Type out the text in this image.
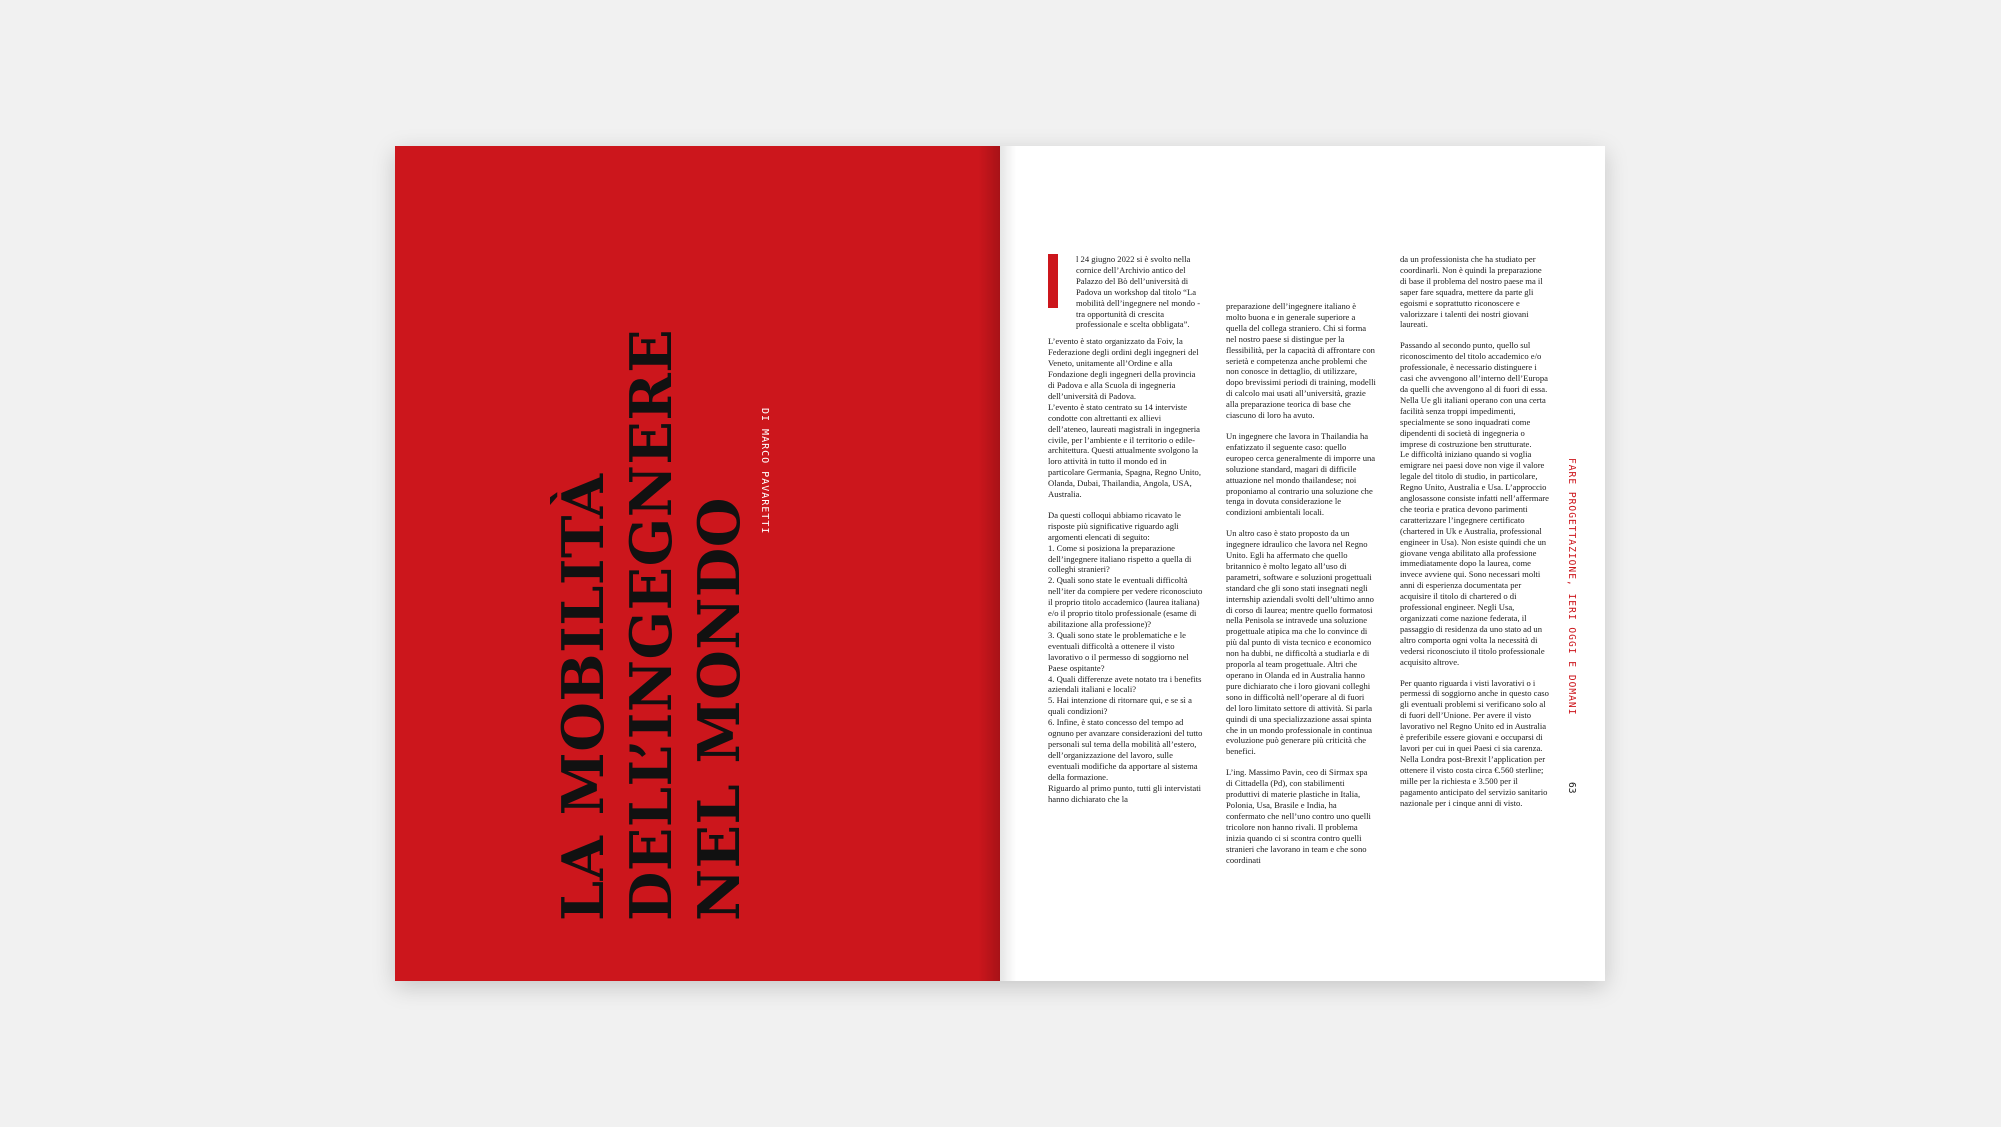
LA MOBILITÀ DELL’INGEGNERE NEL MONDO
DI MARCO PAVARETTI

l 24 giugno 2022 si è svolto nella cornice dell’Archivio antico del Palazzo del Bò dell’università di Padova un workshop dal titolo “La mobilità dell’ingegnere nel mondo - tra opportunità di crescita professionale e scelta obbligata”.

L’evento è stato organizzato da Foiv, la Federazione degli ordini degli ingegneri del Veneto, unitamente all’Ordine e alla Fondazione degli ingegneri della provincia di Padova e alla Scuola di ingegneria dell’università di Padova.
L’evento è stato centrato su 14 interviste condotte con altrettanti ex allievi dell’ateneo, laureati magistrali in ingegneria civile, per l’ambiente e il territorio o edile-architettura. Questi attualmente svolgono la loro attività in tutto il mondo ed in particolare Germania, Spagna, Regno Unito, Olanda, Dubai, Thailandia, Angola, USA, Australia.

Da questi colloqui abbiamo ricavato le risposte più significative riguardo agli argomenti elencati di seguito:
1. Come si posiziona la preparazione dell’ingegnere italiano rispetto a quella di colleghi stranieri?
2. Quali sono state le eventuali difficoltà nell’iter da compiere per vedere riconosciuto il proprio titolo accademico (laurea italiana) e/o il proprio titolo professionale (esame di abilitazione alla professione)?
3. Quali sono state le problematiche e le eventuali difficoltà a ottenere il visto lavorativo o il permesso di soggiorno nel Paese ospitante?
4. Quali differenze avete notato tra i benefits aziendali italiani e locali?
5. Hai intenzione di ritornare qui, e se sì a quali condizioni?
6. Infine, è stato concesso del tempo ad ognuno per avanzare considerazioni del tutto personali sul tema della mobilità all’estero, dell’organizzazione del lavoro, sulle eventuali modifiche da apportare al sistema della formazione.
Riguardo al primo punto, tutti gli intervistati hanno dichiarato che la

preparazione dell’ingegnere italiano è molto buona e in generale superiore a quella del collega straniero. Chi si forma nel nostro paese si distingue per la flessibilità, per la capacità di affrontare con serietà e competenza anche problemi che non conosce in dettaglio, di utilizzare, dopo brevissimi periodi di training, modelli di calcolo mai usati all’università, grazie alla preparazione teorica di base che ciascuno di loro ha avuto.

Un ingegnere che lavora in Thailandia ha enfatizzato il seguente caso: quello europeo cerca generalmente di imporre una soluzione standard, magari di difficile attuazione nel mondo thailandese; noi proponiamo al contrario una soluzione che tenga in dovuta considerazione le condizioni ambientali locali.

Un altro caso è stato proposto da un ingegnere idraulico che lavora nel Regno Unito. Egli ha affermato che quello britannico è molto legato all’uso di parametri, software e soluzioni progettuali standard che gli sono stati insegnati negli internship aziendali svolti dell’ultimo anno di corso di laurea; mentre quello formatosi nella Penisola se intravede una soluzione progettuale atipica ma che lo convince di più dal punto di vista tecnico e economico non ha dubbi, ne difficoltà a studiarla e di proporla al team progettuale. Altri che operano in Olanda ed in Australia hanno pure dichiarato che i loro giovani colleghi sono in difficoltà nell’operare al di fuori del loro limitato settore di attività. Si parla quindi di una specializzazione assai spinta che in un mondo professionale in continua evoluzione può generare più criticità che benefici.

L’ing. Massimo Pavin, ceo di Sirmax spa di Cittadella (Pd), con stabilimenti produttivi di materie plastiche in Italia, Polonia, Usa, Brasile e India, ha confermato che nell’uno contro uno quelli tricolore non hanno rivali. Il problema inizia quando ci si scontra contro quelli stranieri che lavorano in team e che sono coordinati

da un professionista che ha studiato per coordinarli. Non è quindi la preparazione di base il problema del nostro paese ma il saper fare squadra, mettere da parte gli egoismi e soprattutto riconoscere e valorizzare i talenti dei nostri giovani laureati.

Passando al secondo punto, quello sul riconoscimento del titolo accademico e/o professionale, è necessario distinguere i casi che avvengono all’interno dell’Europa da quelli che avvengono al di fuori di essa. Nella Ue gli italiani operano con una certa facilità senza troppi impedimenti, specialmente se sono inquadrati come dipendenti di società di ingegneria o imprese di costruzione ben strutturate.
Le difficoltà iniziano quando si voglia emigrare nei paesi dove non vige il valore legale del titolo di studio, in particolare, Regno Unito, Australia e Usa. L’approccio anglosassone consiste infatti nell’affermare che teoria e pratica devono parimenti caratterizzare l’ingegnere certificato (chartered in Uk e Australia, professional engineer in Usa). Non esiste quindi che un giovane venga abilitato alla professione immediatamente dopo la laurea, come invece avviene qui. Sono necessari molti anni di esperienza documentata per acquisire il titolo di chartered o di professional engineer. Negli Usa, organizzati come nazione federata, il passaggio di residenza da uno stato ad un altro comporta ogni volta la necessità di vedersi riconosciuto il titolo professionale acquisito altrove.

Per quanto riguarda i visti lavorativi o i permessi di soggiorno anche in questo caso gli eventuali problemi si verificano solo al di fuori dell’Unione. Per avere il visto lavorativo nel Regno Unito ed in Australia è preferibile essere giovani e occuparsi di lavori per cui in quei Paesi ci sia carenza. Nella Londra post-Brexit l’application per ottenere il visto costa circa €.560 sterline; mille per la richiesta e 3.500 per il pagamento anticipato del servizio sanitario nazionale per i cinque anni di visto.

FARE PROGETTAZIONE, IERI OGGI E DOMANI
63
